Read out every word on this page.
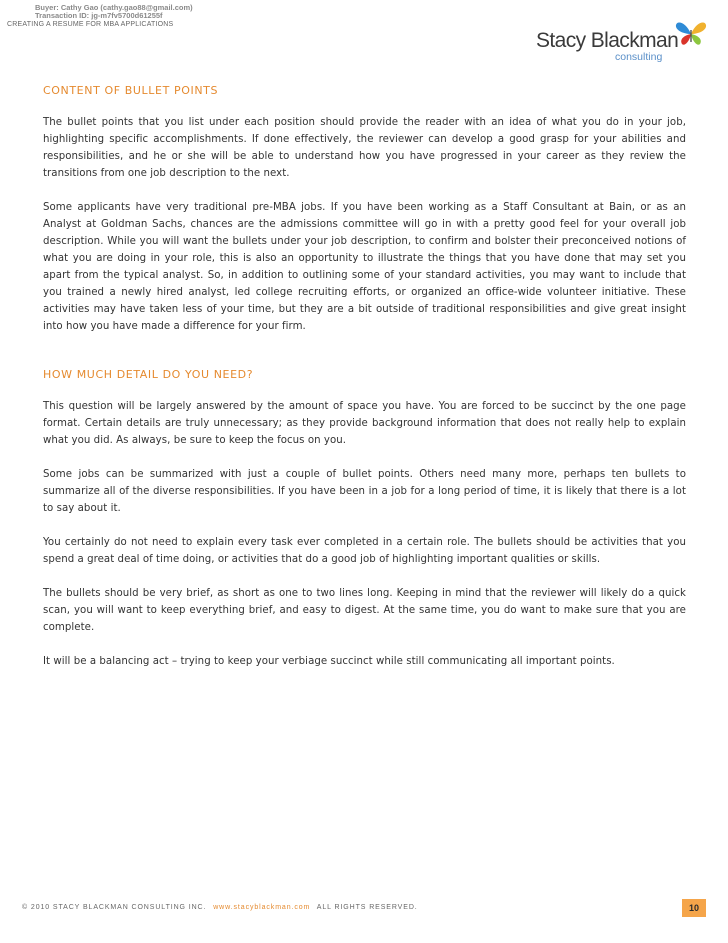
Buyer: Cathy Gao (cathy.gao88@gmail.com)
Transaction ID: jg-m7fv5700d61255f
CREATING A RESUME FOR MBA APPLICATIONS
Stacy Blackman
consulting
CONTENT OF BULLET POINTS

The bullet points that you list under each position should provide the reader with an idea of what you do in your job, highlighting specific accomplishments. If done effectively, the reviewer can develop a good grasp for your abilities and responsibilities, and he or she will be able to understand how you have progressed in your career as they review the transitions from one job description to the next.

Some applicants have very traditional pre-MBA jobs. If you have been working as a Staff Consultant at Bain, or as an Analyst at Goldman Sachs, chances are the admissions committee will go in with a pretty good feel for your overall job description. While you will want the bullets under your job description, to confirm and bolster their preconceived notions of what you are doing in your role, this is also an opportunity to illustrate the things that you have done that may set you apart from the typical analyst. So, in addition to outlining some of your standard activities, you may want to include that you trained a newly hired analyst, led college recruiting efforts, or organized an office-wide volunteer initiative. These activities may have taken less of your time, but they are a bit outside of traditional responsibilities and give great insight into how you have made a difference for your firm.

HOW MUCH DETAIL DO YOU NEED?

This question will be largely answered by the amount of space you have. You are forced to be succinct by the one page format. Certain details are truly unnecessary; as they provide background information that does not really help to explain what you did. As always, be sure to keep the focus on you.

Some jobs can be summarized with just a couple of bullet points. Others need many more, perhaps ten bullets to summarize all of the diverse responsibilities. If you have been in a job for a long period of time, it is likely that there is a lot to say about it.

You certainly do not need to explain every task ever completed in a certain role. The bullets should be activities that you spend a great deal of time doing, or activities that do a good job of highlighting important qualities or skills.

The bullets should be very brief, as short as one to two lines long. Keeping in mind that the reviewer will likely do a quick scan, you will want to keep everything brief, and easy to digest. At the same time, you do want to make sure that you are complete.

It will be a balancing act – trying to keep your verbiage succinct while still communicating all important points.

© 2010 STACY BLACKMAN CONSULTING INC. www.stacyblackman.com ALL RIGHTS RESERVED.	10
